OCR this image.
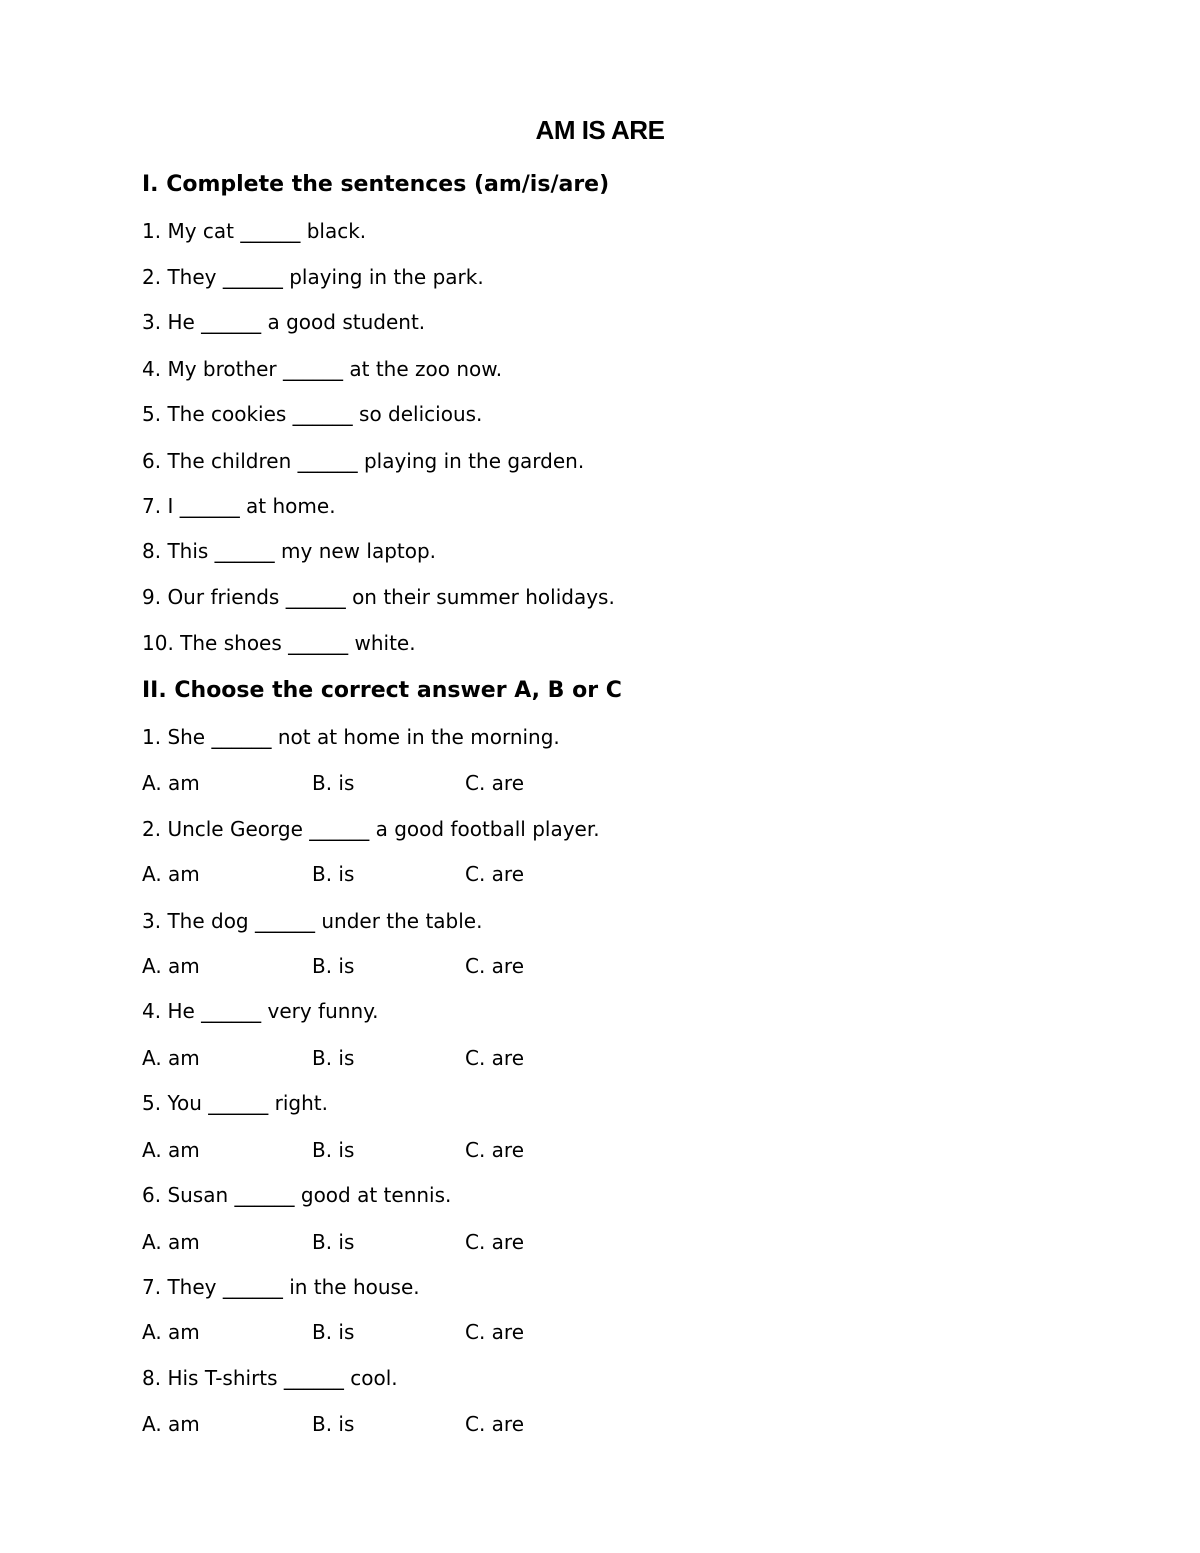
AM IS ARE
I. Complete the sentences (am/is/are)
1. My cat ______ black.
2. They ______ playing in the park.
3. He ______ a good student.
4. My brother ______ at the zoo now.
5. The cookies ______ so delicious.
6. The children ______ playing in the garden.
7. I ______ at home.
8. This ______ my new laptop.
9. Our friends ______ on their summer holidays.
10. The shoes ______ white.
II. Choose the correct answer A, B or C
1. She ______ not at home in the morning.
A. am	B. is	C. are
2. Uncle George ______ a good football player.
A. am	B. is	C. are
3. The dog ______ under the table.
A. am	B. is	C. are
4. He ______ very funny.
A. am	B. is	C. are
5. You ______ right.
A. am	B. is	C. are
6. Susan ______ good at tennis.
A. am	B. is	C. are
7. They ______ in the house.
A. am	B. is	C. are
8. His T-shirts ______ cool.
A. am	B. is	C. are
